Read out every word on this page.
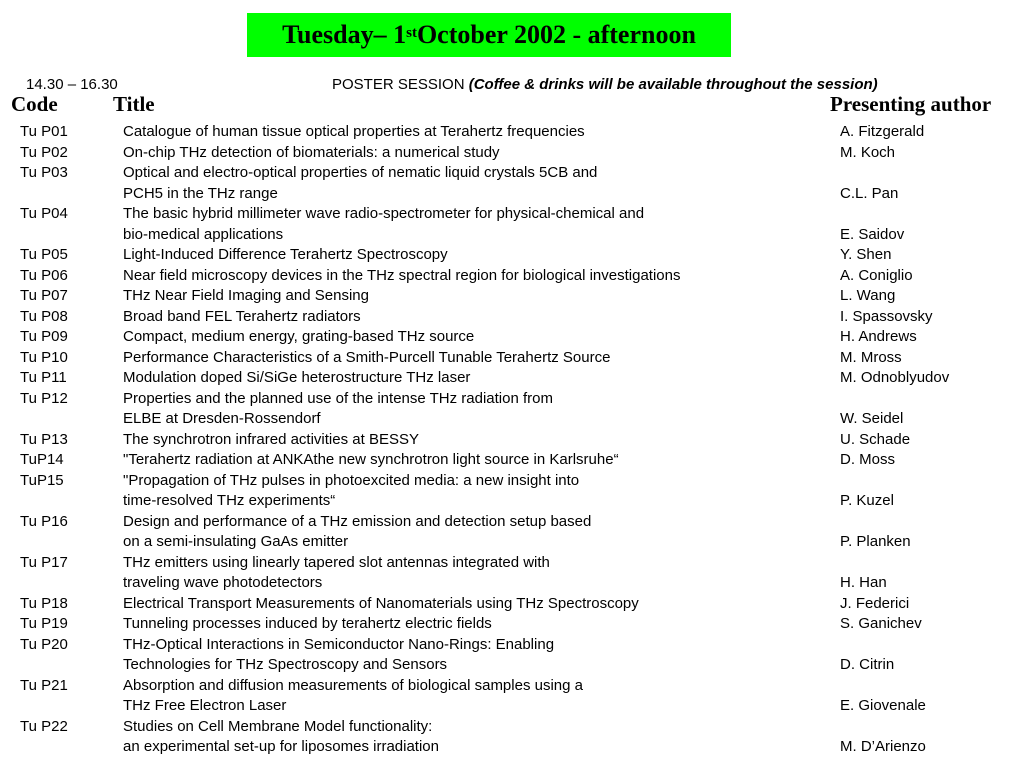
Tuesday– 1st October 2002 - afternoon
14.30 – 16.30	POSTER SESSION (Coffee & drinks will be available throughout the session)
Code	Title	Presenting author
Tu P01	Catalogue of human tissue optical properties at Terahertz frequencies	A. Fitzgerald
Tu P02	On-chip THz detection of biomaterials: a numerical study	M. Koch
Tu P03	Optical and electro-optical properties of nematic liquid crystals 5CB and
PCH5 in the THz range	C.L. Pan
Tu P04	The basic hybrid millimeter wave radio-spectrometer for physical-chemical and
bio-medical applications	E. Saidov
Tu P05	Light-Induced Difference Terahertz Spectroscopy	Y. Shen
Tu P06	Near field microscopy devices in the THz spectral region for biological investigations	A. Coniglio
Tu P07	THz Near Field Imaging and Sensing	L. Wang
Tu P08	Broad band FEL Terahertz radiators	I. Spassovsky
Tu P09	Compact, medium energy, grating-based THz source	H. Andrews
Tu P10	Performance Characteristics of a Smith-Purcell Tunable Terahertz Source	M. Mross
Tu P11	Modulation doped Si/SiGe heterostructure THz laser	M. Odnoblyudov
Tu P12	Properties and the planned use of the intense THz radiation from
ELBE at Dresden-Rossendorf	W. Seidel
Tu P13	The synchrotron infrared activities at BESSY	U. Schade
TuP14	"Terahertz radiation at ANKAthe new synchrotron light source in Karlsruhe“	D. Moss
TuP15	"Propagation of THz pulses in photoexcited media: a new insight into
time-resolved THz experiments“	P. Kuzel
Tu P16	Design and performance of a THz emission and detection setup based
on a semi-insulating GaAs emitter	P. Planken
Tu P17	THz emitters using linearly tapered slot antennas integrated with
traveling wave photodetectors	H. Han
Tu P18	Electrical Transport Measurements of Nanomaterials using THz Spectroscopy	J. Federici
Tu P19	Tunneling processes induced by terahertz electric fields	S. Ganichev
Tu P20	THz-Optical Interactions in Semiconductor Nano-Rings: Enabling
Technologies for THz Spectroscopy and Sensors	D. Citrin
Tu P21	Absorption and diffusion measurements of biological samples using a
THz Free Electron Laser	E. Giovenale
Tu P22	Studies on Cell Membrane Model functionality:
an experimental set-up for liposomes irradiation	M. D’Arienzo
